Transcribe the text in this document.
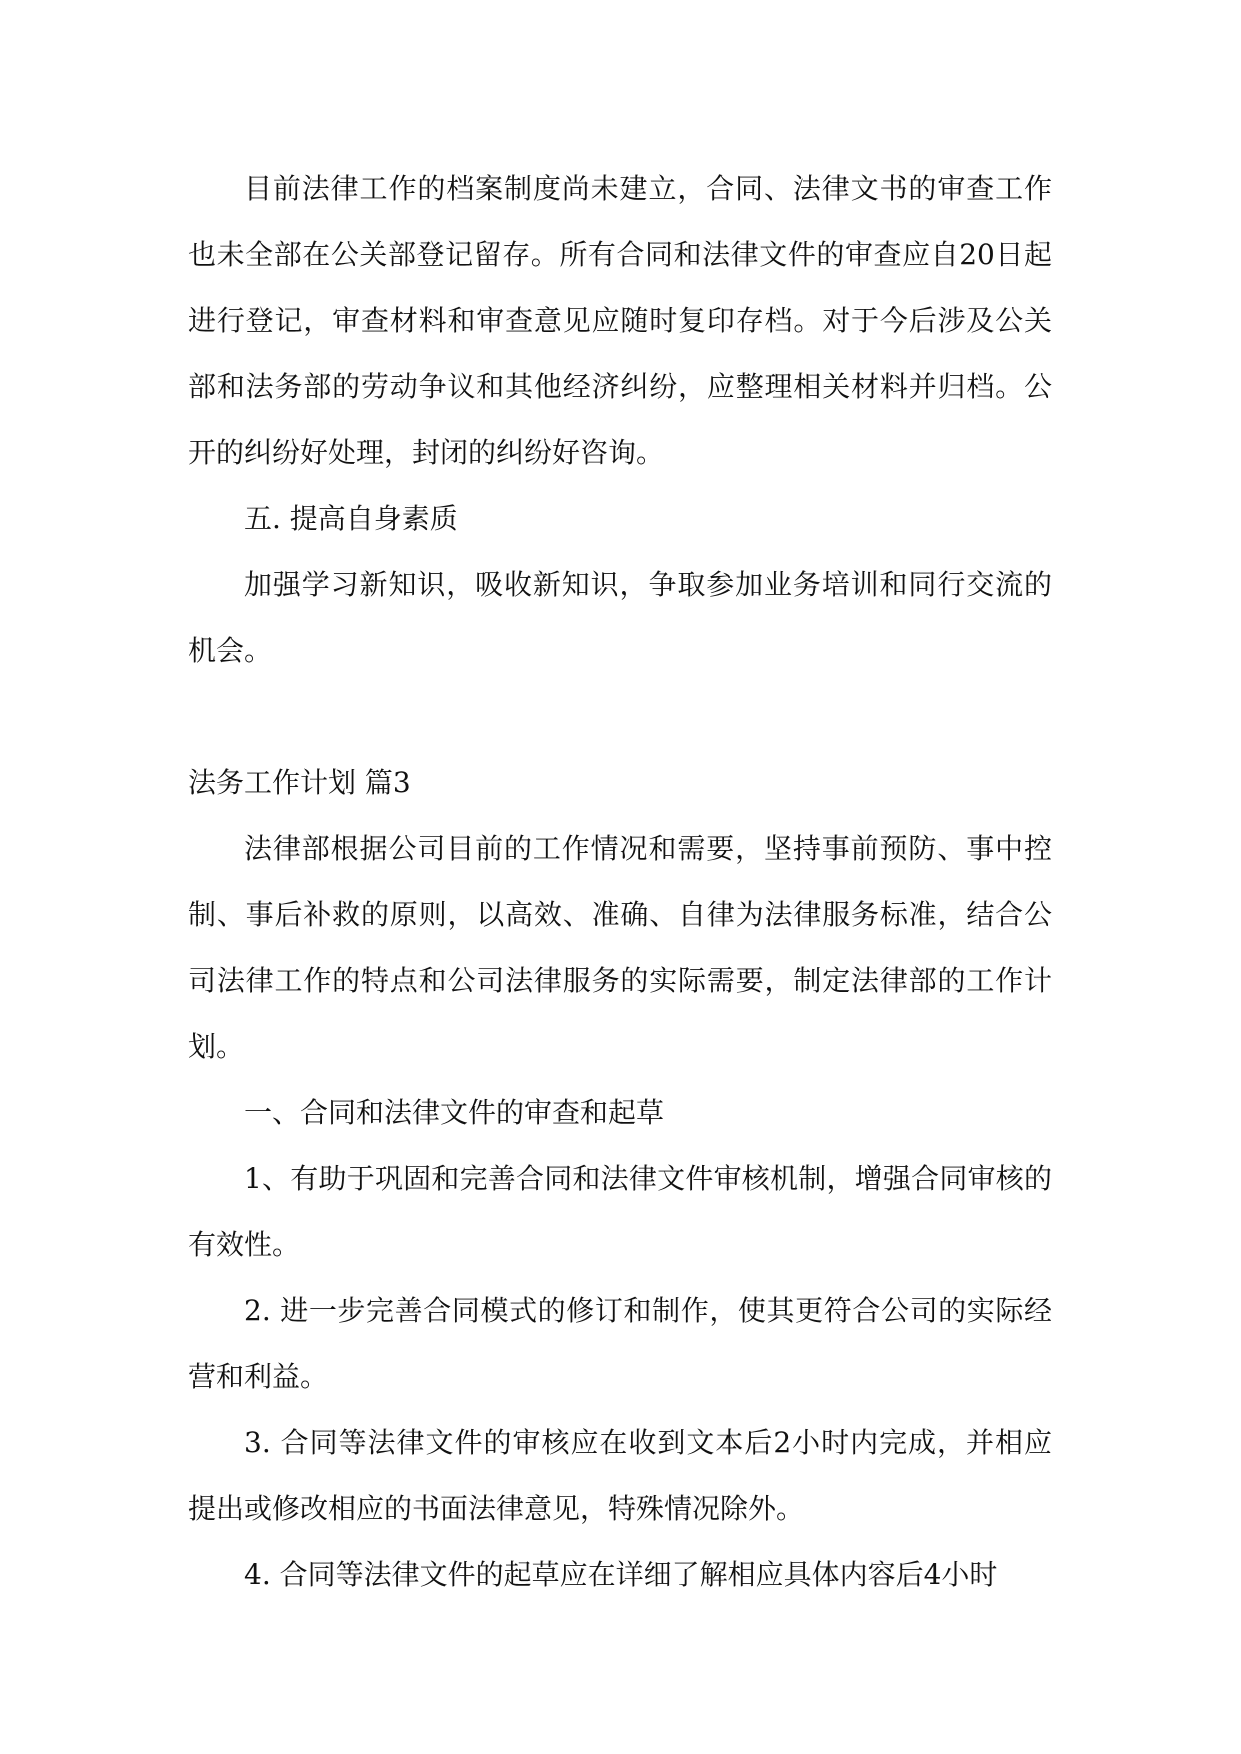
目前法律工作的档案制度尚未建立，合同、法律文书的审查工作也未全部在公关部登记留存。所有合同和法律文件的审查应自20日起进行登记，审查材料和审查意见应随时复印存档。对于今后涉及公关部和法务部的劳动争议和其他经济纠纷，应整理相关材料并归档。公开的纠纷好处理，封闭的纠纷好咨询。

五. 提高自身素质

加强学习新知识，吸收新知识，争取参加业务培训和同行交流的机会。

法务工作计划 篇3

法律部根据公司目前的工作情况和需要，坚持事前预防、事中控制、事后补救的原则，以高效、准确、自律为法律服务标准，结合公司法律工作的特点和公司法律服务的实际需要，制定法律部的工作计划。

一、合同和法律文件的审查和起草

1、有助于巩固和完善合同和法律文件审核机制，增强合同审核的有效性。

2. 进一步完善合同模式的修订和制作，使其更符合公司的实际经营和利益。

3. 合同等法律文件的审核应在收到文本后2小时内完成，并相应提出或修改相应的书面法律意见，特殊情况除外。

4. 合同等法律文件的起草应在详细了解相应具体内容后4小时
